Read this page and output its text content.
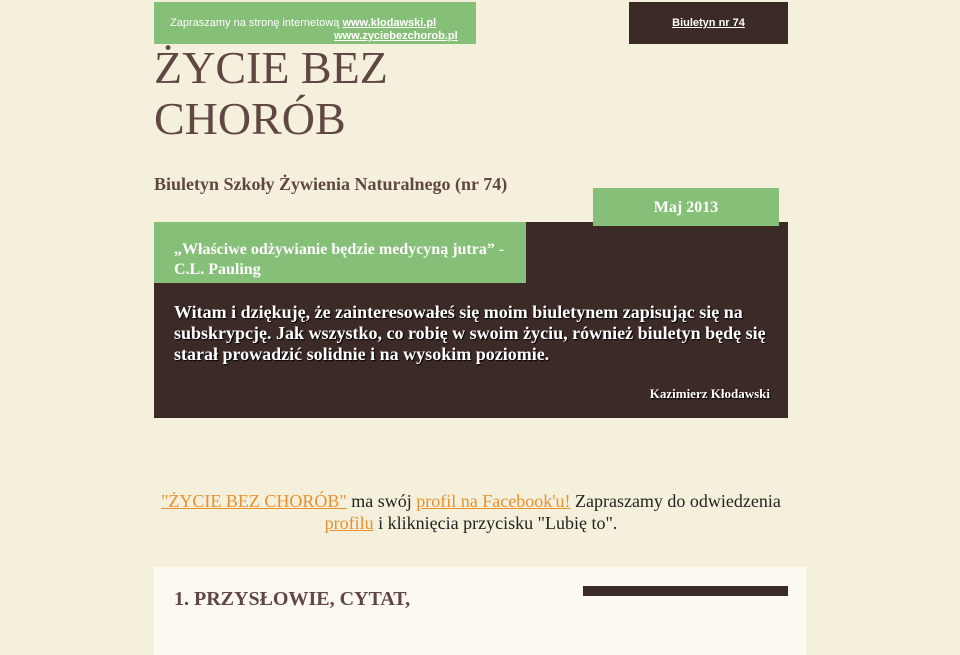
Zapraszamy na stronę internetową www.klodawski.pl
www.zyciebezchorob.pl
Biuletyn nr 74
ŻYCIE BEZ CHORÓB
Biuletyn Szkoły Żywienia Naturalnego (nr 74)
Maj 2013
„Właściwe odżywianie będzie medycyną jutra” - C.L. Pauling
Witam i dziękuję, że zainteresowałeś się moim biuletynem zapisując się na subskrypcję. Jak wszystko, co robię w swoim życiu, również biuletyn będę się starał prowadzić solidnie i na wysokim poziomie.
Kazimierz Kłodawski
"ŻYCIE BEZ CHORÓB" ma swój profil na Facebook'u! Zapraszamy do odwiedzenia profilu i kliknięcia przycisku "Lubię to".
1. PRZYSŁOWIE, CYTAT,
